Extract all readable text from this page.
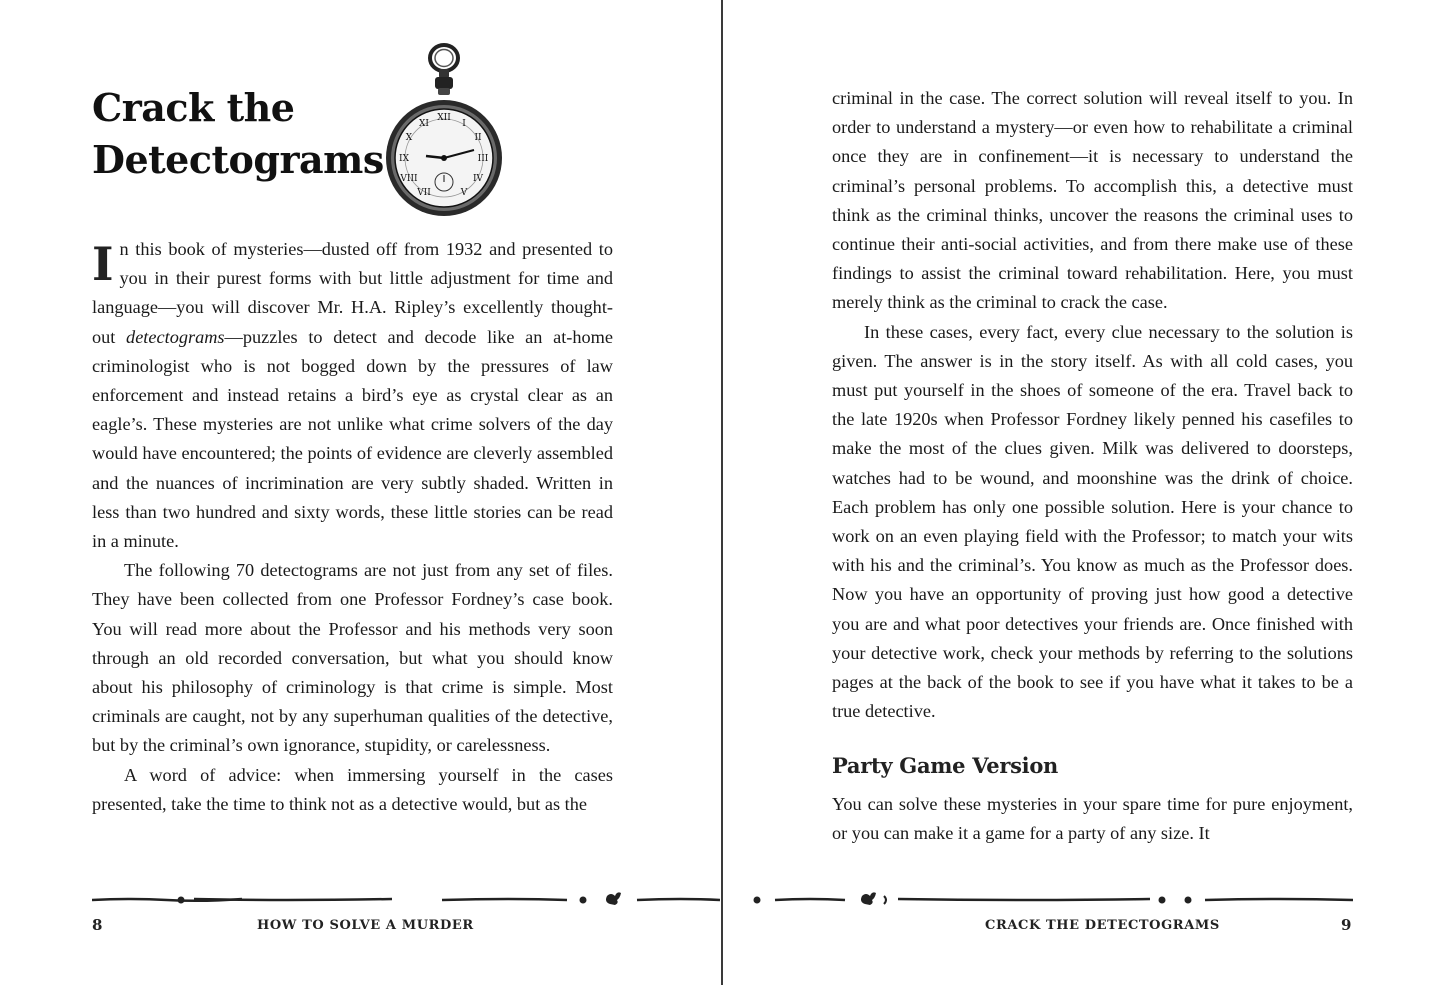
Crack the
Detectograms
XII
I
II
III
IV
V
VII
VIII
IX
X
XI

In this book of mysteries—dusted off from 1932 and presented to you in their purest forms with but little adjustment for time and language—you will discover Mr. H.A. Ripley’s excellently thought-out detectograms—puzzles to detect and decode like an at-home criminologist who is not bogged down by the pressures of law enforcement and instead retains a bird’s eye as crystal clear as an eagle’s. These mysteries are not unlike what crime solvers of the day would have encountered; the points of evidence are cleverly assembled and the nuances of incrimination are very subtly shaded. Written in less than two hundred and sixty words, these little stories can be read in a minute.

The following 70 detectograms are not just from any set of files. They have been collected from one Professor Fordney’s case book. You will read more about the Professor and his methods very soon through an old recorded conversation, but what you should know about his philosophy of criminology is that crime is simple. Most criminals are caught, not by any superhuman qualities of the detective, but by the criminal’s own ignorance, stupidity, or carelessness.

A word of advice: when immersing yourself in the cases presented, take the time to think not as a detective would, but as the

criminal in the case. The correct solution will reveal itself to you. In order to understand a mystery—or even how to rehabilitate a criminal once they are in confinement—it is necessary to understand the criminal’s personal problems. To accomplish this, a detective must think as the criminal thinks, uncover the reasons the criminal uses to continue their anti-social activities, and from there make use of these findings to assist the criminal toward rehabilitation. Here, you must merely think as the criminal to crack the case.

In these cases, every fact, every clue necessary to the solution is given. The answer is in the story itself. As with all cold cases, you must put yourself in the shoes of someone of the era. Travel back to the late 1920s when Professor Fordney likely penned his casefiles to make the most of the clues given. Milk was delivered to doorsteps, watches had to be wound, and moonshine was the drink of choice. Each problem has only one possible solution. Here is your chance to work on an even playing field with the Professor; to match your wits with his and the criminal’s. You know as much as the Professor does. Now you have an opportunity of proving just how good a detective you are and what poor detectives your friends are. Once finished with your detective work, check your methods by referring to the solutions pages at the back of the book to see if you have what it takes to be a true detective.

Party Game Version

You can solve these mysteries in your spare time for pure enjoyment, or you can make it a game for a party of any size. It

8	HOW TO SOLVE A MURDER	CRACK THE DETECTOGRAMS	9
